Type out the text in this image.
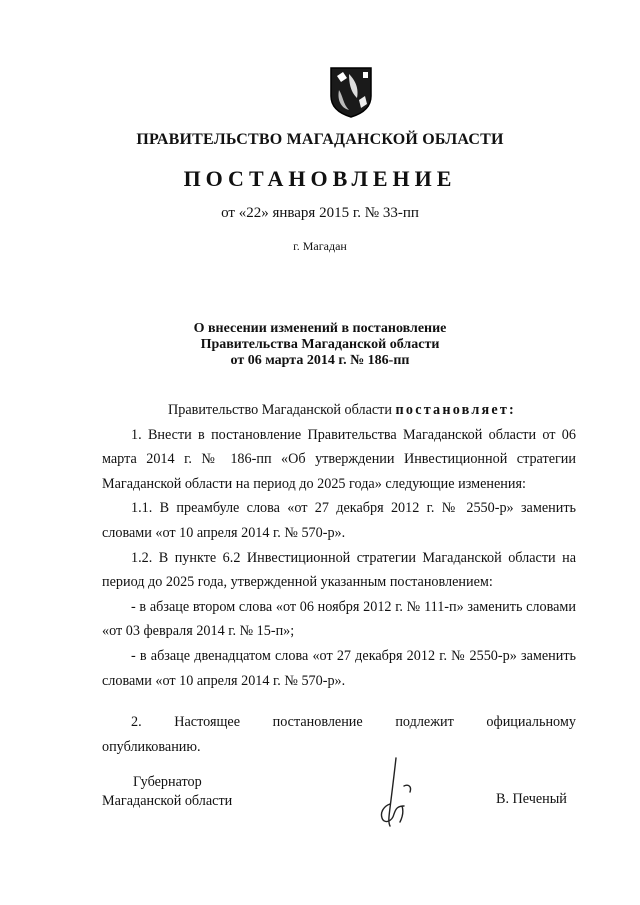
ПРАВИТЕЛЬСТВО МАГАДАНСКОЙ ОБЛАСТИ
ПОСТАНОВЛЕНИЕ
от «22» января 2015 г. № 33-пп
г. Магадан
О внесении изменений в постановление
Правительства Магаданской области
от 06 марта 2014 г. № 186-пп

Правительство Магаданской области постановляет:

1. Внести в постановление Правительства Магаданской области от 06 марта 2014 г. № 186-пп «Об утверждении Инвестиционной стратегии Магаданской области на период до 2025 года» следующие изменения:

1.1. В преамбуле слова «от 27 декабря 2012 г. № 2550-р» заменить словами «от 10 апреля 2014 г. № 570-р».

1.2. В пункте 6.2 Инвестиционной стратегии Магаданской области на период до 2025 года, утвержденной указанным постановлением:

- в абзаце втором слова «от 06 ноября 2012 г. № 111-п» заменить словами «от 03 февраля 2014 г. № 15-п»;

- в абзаце двенадцатом слова «от 27 декабря 2012 г. № 2550-р» заменить словами «от 10 апреля 2014 г. № 570-р».

2. Настоящее постановление подлежит официальному
опубликованию.
Губернатор
Магаданской области	В. Печеный
